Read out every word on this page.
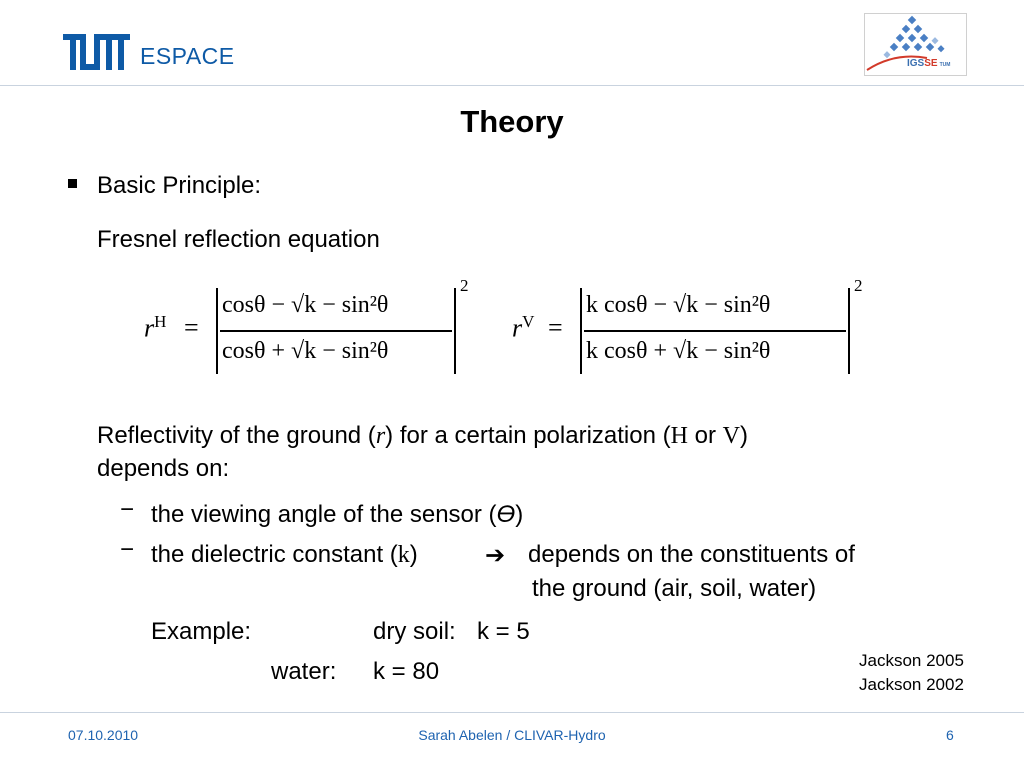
ESPACE	IGSSE TUM
Theory
Basic Principle:
Fresnel reflection equation
$r^H$ =
cosθ − √k − sin²θ
cosθ + √k − sin²θ
2
$r^V$ =
k cosθ − √k − sin²θ
k cosθ + √k − sin²θ
2
Reflectivity of the ground (r) for a certain polarization (H or V)
depends on:
− the viewing angle of the sensor (ϴ)
− the dielectric constant (k)	➔ depends on the constituents of
the ground (air, soil, water)
Example:	dry soil: k = 5
water: k = 80	Jackson 2005
Jackson 2002
07.10.2010	Sarah Abelen / CLIVAR-Hydro	6
